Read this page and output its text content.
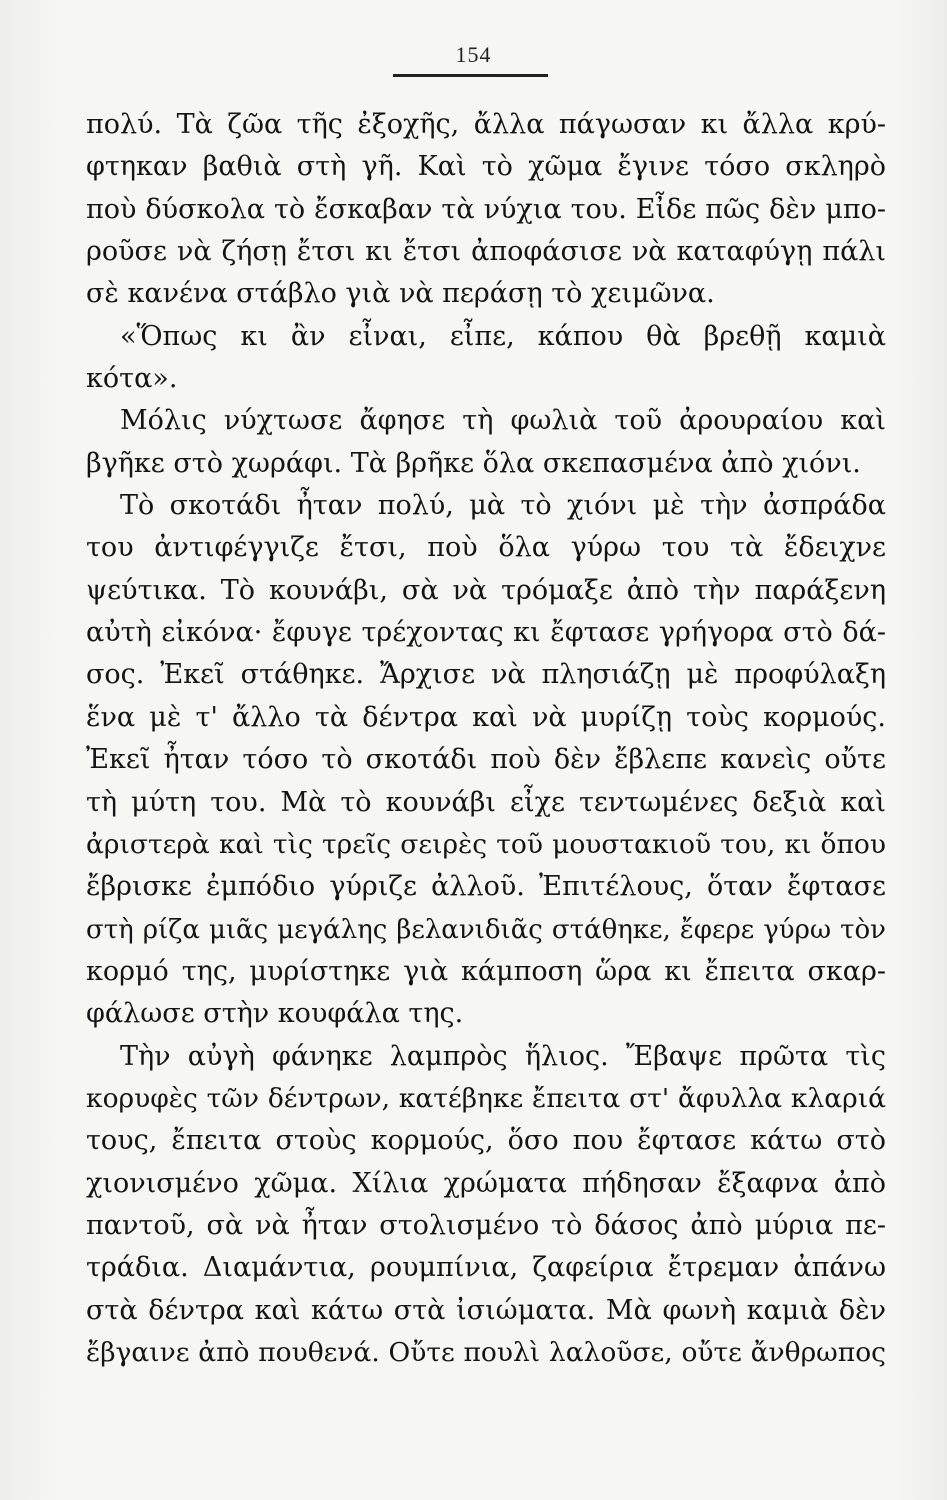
154
πολύ. Τὰ ζῶα τῆς ἐξοχῆς, ἄλλα πάγωσαν κι ἄλλα κρύ-
φτηκαν βαθιὰ στὴ γῆ. Καὶ τὸ χῶμα ἔγινε τόσο σκληρὸ
ποὺ δύσκολα τὸ ἔσκαβαν τὰ νύχια του. Εἶδε πῶς δὲν μπο-
ροῦσε νὰ ζήσῃ ἔτσι κι ἔτσι ἀποφάσισε νὰ καταφύγῃ πάλι
σὲ κανένα στάβλο γιὰ νὰ περάσῃ τὸ χειμῶνα.
«Ὅπως κι ἂν εἶναι, εἶπε, κάπου θὰ βρεθῇ καμιὰ
κότα».
Μόλις νύχτωσε ἄφησε τὴ φωλιὰ τοῦ ἀρουραίου καὶ
βγῆκε στὸ χωράφι. Τὰ βρῆκε ὅλα σκεπασμένα ἀπὸ χιόνι.
Τὸ σκοτάδι ἦταν πολύ, μὰ τὸ χιόνι μὲ τὴν ἀσπράδα
του ἀντιφέγγιζε ἔτσι, ποὺ ὅλα γύρω του τὰ ἔδειχνε
ψεύτικα. Τὸ κουνάβι, σὰ νὰ τρόμαξε ἀπὸ τὴν παράξενη
αὐτὴ εἰκόνα· ἔφυγε τρέχοντας κι ἔφτασε γρήγορα στὸ δά-
σος. Ἐκεῖ στάθηκε. Ἄρχισε νὰ πλησιάζῃ μὲ προφύλαξη
ἕνα μὲ τ' ἄλλο τὰ δέντρα καὶ νὰ μυρίζῃ τοὺς κορμούς.
Ἐκεῖ ἦταν τόσο τὸ σκοτάδι ποὺ δὲν ἔβλεπε κανεὶς οὔτε
τὴ μύτη του. Μὰ τὸ κουνάβι εἶχε τεντωμένες δεξιὰ καὶ
ἀριστερὰ καὶ τὶς τρεῖς σειρὲς τοῦ μουστακιοῦ του, κι ὅπου
ἔβρισκε ἐμπόδιο γύριζε ἀλλοῦ. Ἐπιτέλους, ὅταν ἔφτασε
στὴ ρίζα μιᾶς μεγάλης βελανιδιᾶς στάθηκε, ἔφερε γύρω τὸν
κορμό της, μυρίστηκε γιὰ κάμποση ὥρα κι ἔπειτα σκαρ-
φάλωσε στὴν κουφάλα της.
Τὴν αὐγὴ φάνηκε λαμπρὸς ἥλιος. Ἔβαψε πρῶτα τὶς
κορυφὲς τῶν δέντρων, κατέβηκε ἔπειτα στ' ἄφυλλα κλαριά
τους, ἔπειτα στοὺς κορμούς, ὅσο που ἔφτασε κάτω στὸ
χιονισμένο χῶμα. Χίλια χρώματα πήδησαν ἔξαφνα ἀπὸ
παντοῦ, σὰ νὰ ἦταν στολισμένο τὸ δάσος ἀπὸ μύρια πε-
τράδια. Διαμάντια, ρουμπίνια, ζαφείρια ἔτρεμαν ἀπάνω
στὰ δέντρα καὶ κάτω στὰ ἰσιώματα. Μὰ φωνὴ καμιὰ δὲν
ἔβγαινε ἀπὸ πουθενά. Οὔτε πουλὶ λαλοῦσε, οὔτε ἄνθρωπος
